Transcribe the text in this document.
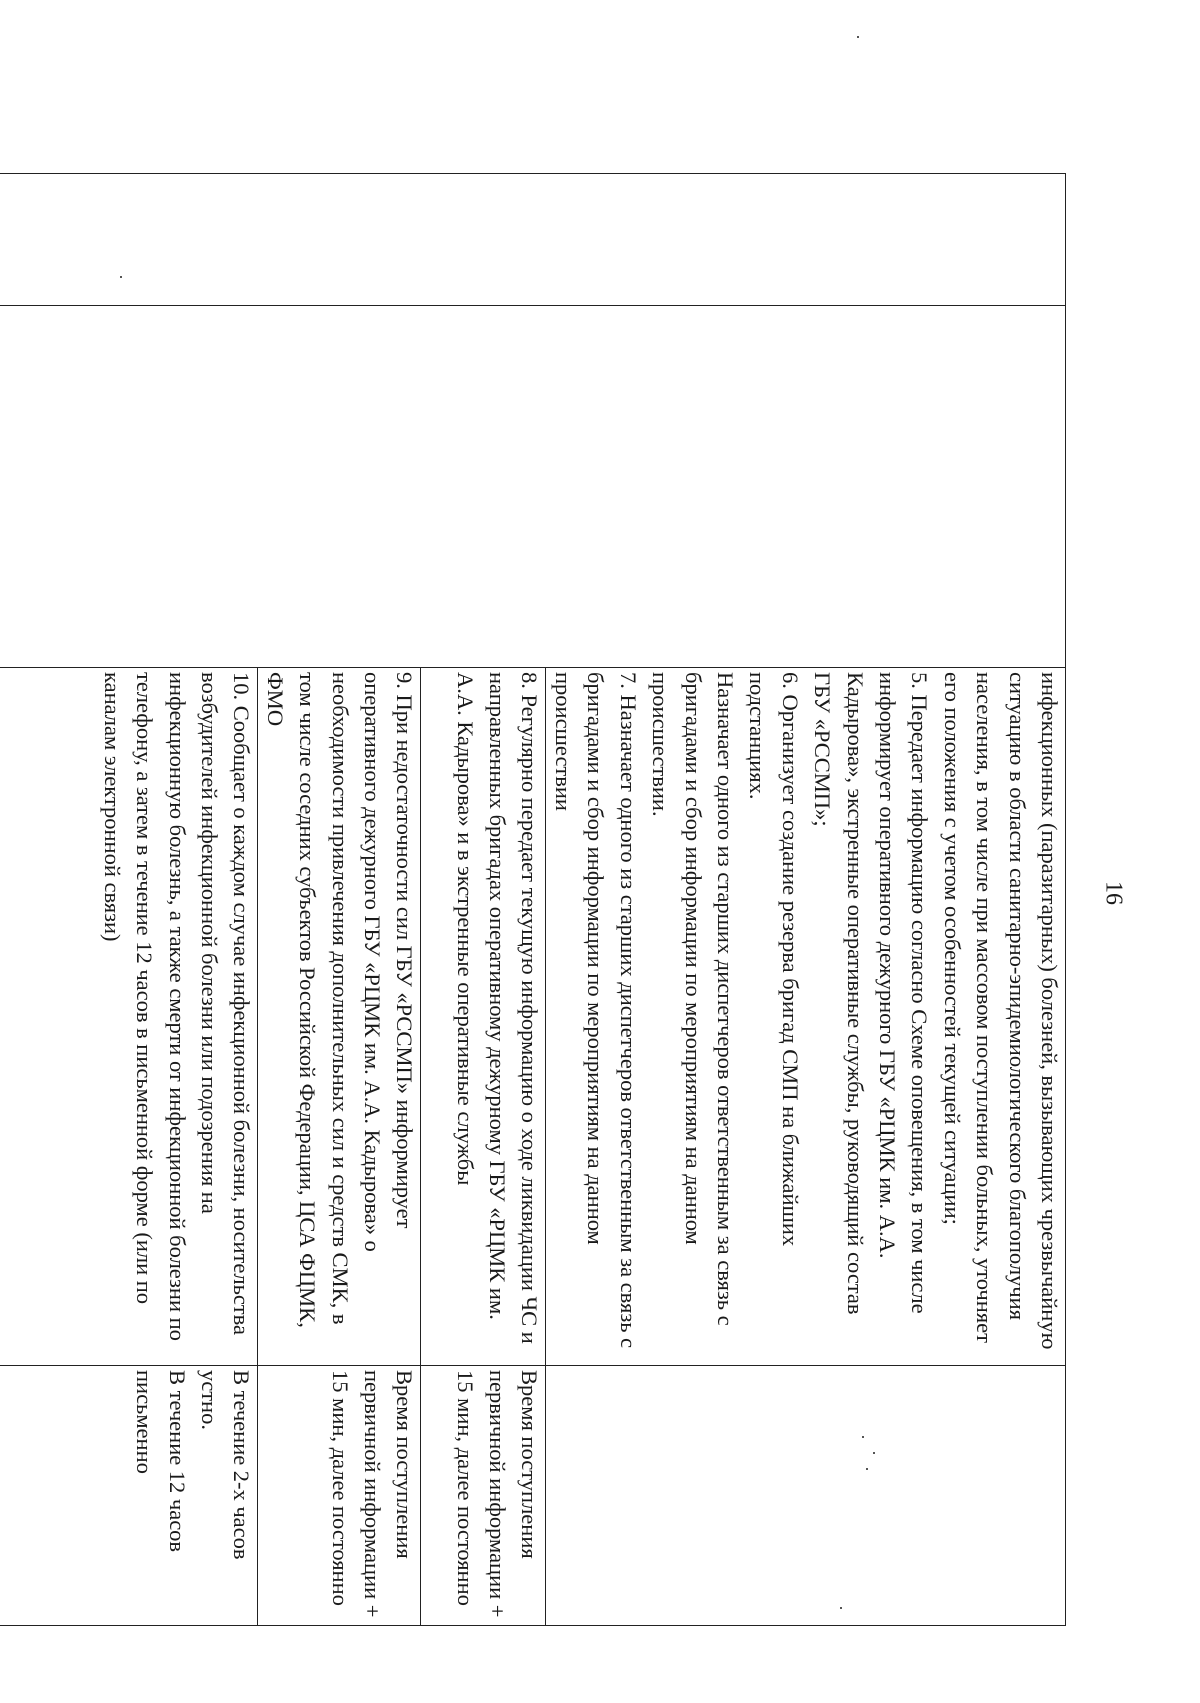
16

		инфекционных (паразитарных) болезней, вызывающих чрезвычайную ситуацию в области санитарно-эпидемиологического благополучия населения, в том числе при массовом поступлении больных, уточняет его положения с учетом особенностей текущей ситуации;
5. Передает информацию согласно Схеме оповещения, в том числе информирует оперативного дежурного ГБУ «РЦМК им. А.А. Кадырова», экстренные оперативные службы, руководящий состав ГБУ «РССМП»;
6. Организует создание резерва бригад СМП на ближайших подстанциях.
Назначает одного из старших диспетчеров ответственным за связь с бригадами и сбор информации по мероприятиям на данном происшествии.
7. Назначает одного из старших диспетчеров ответственным за связь с бригадами и сбор информации по мероприятиям на данном происшествии	

		8. Регулярно передает текущую информацию о ходе ликвидации ЧС и направленных бригадах оперативному дежурному ГБУ «РЦМК им. А.А. Кадырова» и в экстренные оперативные службы	Время поступления первичной информации + 15 мин, далее постоянно

		9. При недостаточности сил ГБУ «РССМП» информирует оперативного дежурного ГБУ «РЦМК им. А.А. Кадырова» о необходимости привлечения дополнительных сил и средств СМК, в том числе соседних субъектов Российской Федерации, ЦСА ФЦМК, ФМО	Время поступления первичной информации + 15 мин, далее постоянно

		10. Сообщает о каждом случае инфекционной болезни, носительства возбудителей инфекционной болезни или подозрения на инфекционную болезнь, а также смерти от инфекционной болезни по телефону, а затем в течение 12 часов в письменной форме (или по каналам электронной связи)	В течение 2-х часов устно.
В течение 12 часов письменно
